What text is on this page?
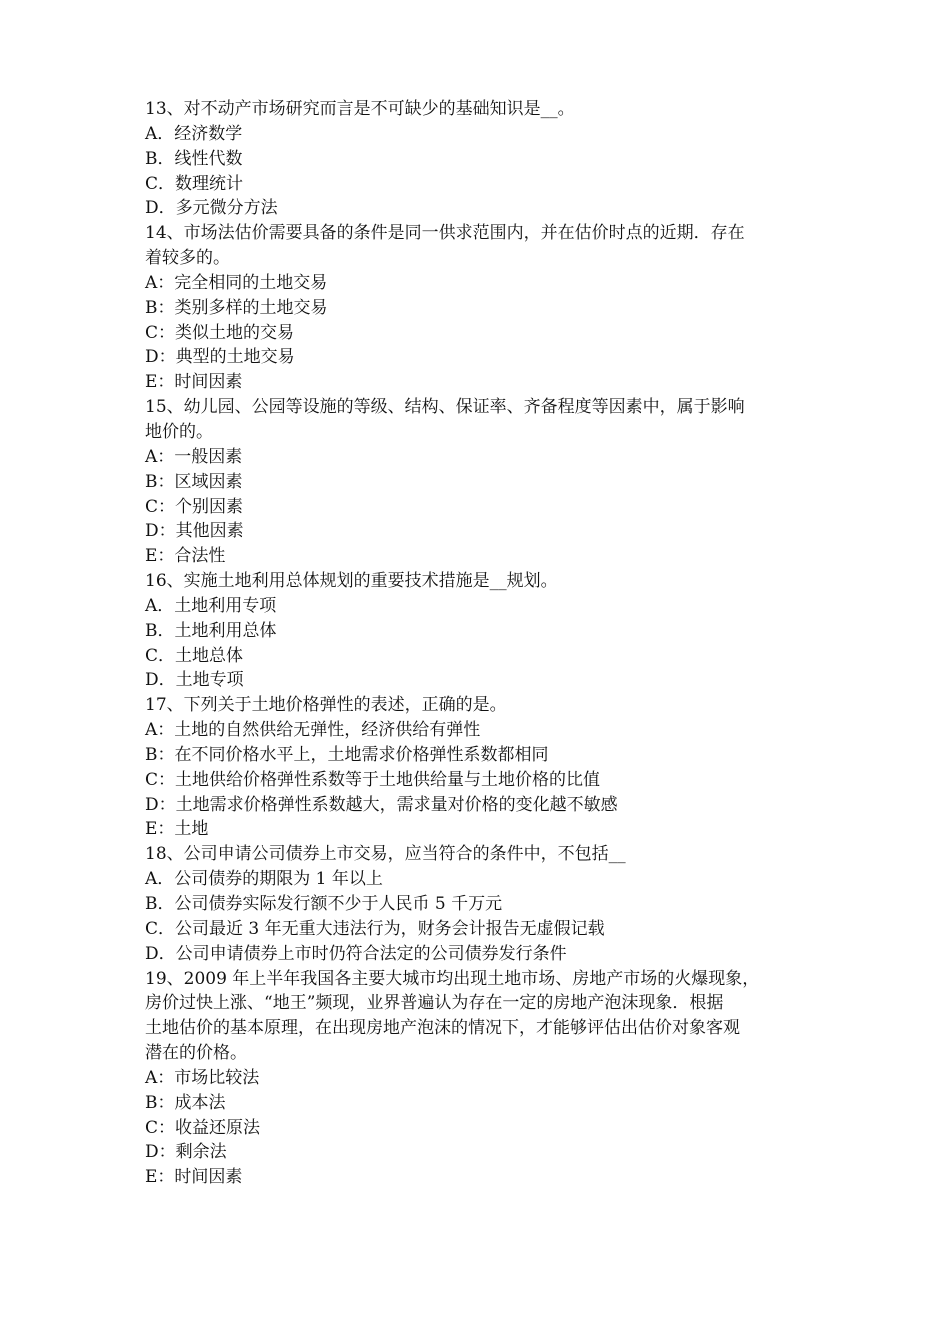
13、对不动产市场研究而言是不可缺少的基础知识是__。
A．经济数学
B．线性代数
C．数理统计
D．多元微分方法
14、市场法估价需要具备的条件是同一供求范围内，并在估价时点的近期．存在
着较多的。
A：完全相同的土地交易
B：类别多样的土地交易
C：类似土地的交易
D：典型的土地交易
E：时间因素
15、幼儿园、公园等设施的等级、结构、保证率、齐备程度等因素中，属于影响
地价的。
A：一般因素
B：区域因素
C：个别因素
D：其他因素
E：合法性
16、实施土地利用总体规划的重要技术措施是__规划。
A．土地利用专项
B．土地利用总体
C．土地总体
D．土地专项
17、下列关于土地价格弹性的表述，正确的是。
A：土地的自然供给无弹性，经济供给有弹性
B：在不同价格水平上，土地需求价格弹性系数都相同
C：土地供给价格弹性系数等于土地供给量与土地价格的比值
D：土地需求价格弹性系数越大，需求量对价格的变化越不敏感
E：土地
18、公司申请公司债券上市交易，应当符合的条件中，不包括__
A．公司债券的期限为 1 年以上
B．公司债券实际发行额不少于人民币 5 千万元
C．公司最近 3 年无重大违法行为，财务会计报告无虚假记载
D．公司申请债券上市时仍符合法定的公司债券发行条件
19、2009 年上半年我国各主要大城市均出现土地市场、房地产市场的火爆现象，
房价过快上涨、“地王”频现，业界普遍认为存在一定的房地产泡沫现象．根据
土地估价的基本原理，在出现房地产泡沫的情况下，才能够评估出估价对象客观
潜在的价格。
A：市场比较法
B：成本法
C：收益还原法
D：剩余法
E：时间因素
